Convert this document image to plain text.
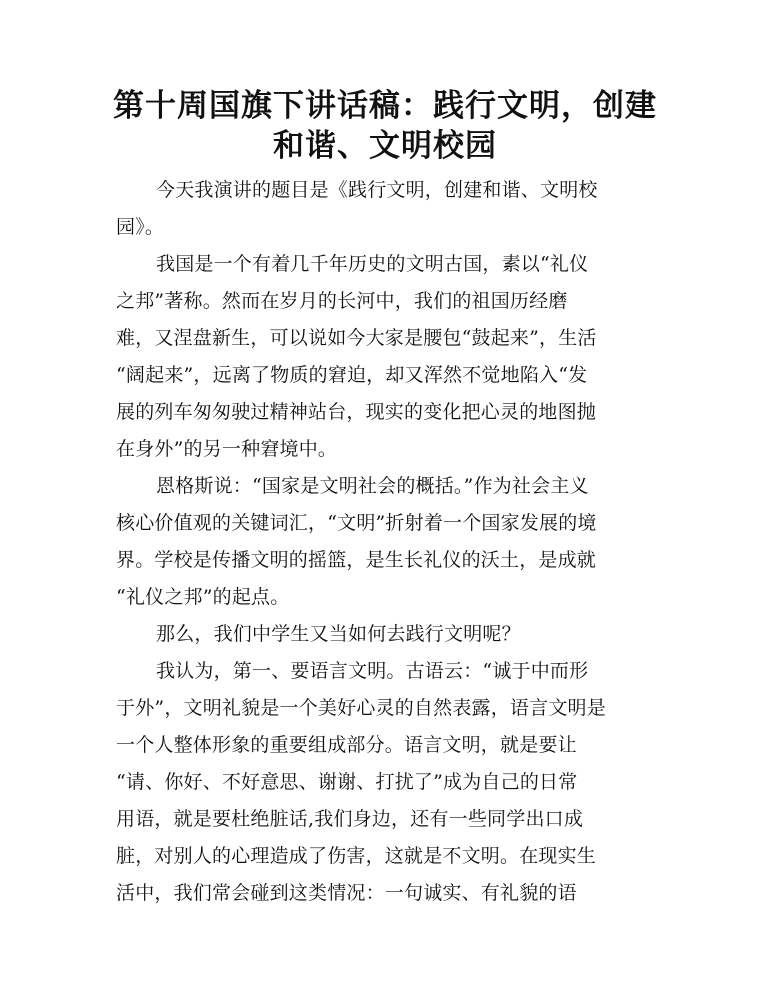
第十周国旗下讲话稿：践行文明，创建
和谐、文明校园
今天我演讲的题目是《践行文明，创建和谐、文明校
园》。
我国是一个有着几千年历史的文明古国，素以“礼仪
之邦”著称。然而在岁月的长河中，我们的祖国历经磨
难，又涅盘新生，可以说如今大家是腰包“鼓起来”，生活
“阔起来”，远离了物质的窘迫，却又浑然不觉地陷入“发
展的列车匆匆驶过精神站台，现实的变化把心灵的地图抛
在身外”的另一种窘境中。
恩格斯说：“国家是文明社会的概括。”作为社会主义
核心价值观的关键词汇，“文明”折射着一个国家发展的境
界。学校是传播文明的摇篮，是生长礼仪的沃土，是成就
“礼仪之邦”的起点。
那么，我们中学生又当如何去践行文明呢？
我认为，第一、要语言文明。古语云：“诚于中而形
于外”，文明礼貌是一个美好心灵的自然表露，语言文明是
一个人整体形象的重要组成部分。语言文明，就是要让
“请、你好、不好意思、谢谢、打扰了”成为自己的日常
用语，就是要杜绝脏话,我们身边，还有一些同学出口成
脏，对别人的心理造成了伤害，这就是不文明。在现实生
活中，我们常会碰到这类情况：一句诚实、有礼貌的语
